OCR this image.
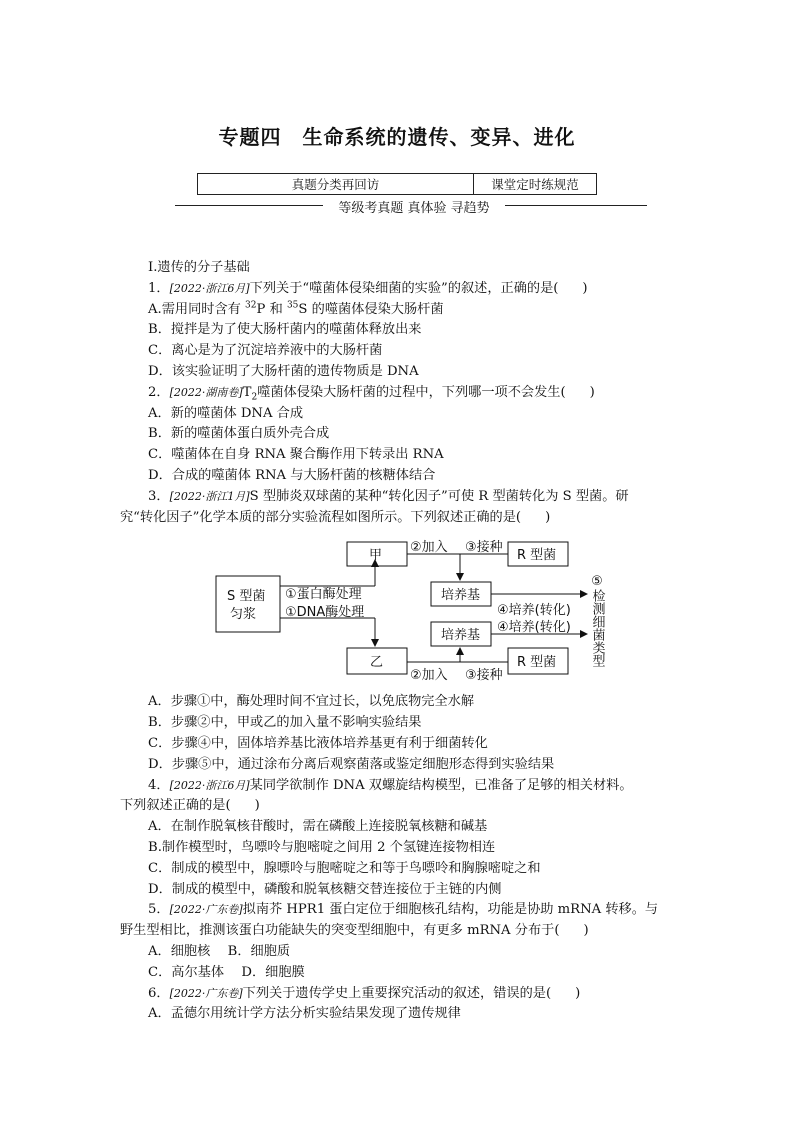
专题四　生命系统的遗传、变异、进化
真题分类再回访	课堂定时练规范
等级考真题 真体验 寻趋势
Ⅰ.遗传的分子基础
1．[2022·浙江6月]下列关于“噬菌体侵染细菌的实验”的叙述，正确的是( )
A.需用同时含有 $^{32}$P 和 $^{35}$S 的噬菌体侵染大肠杆菌
B．搅拌是为了使大肠杆菌内的噬菌体释放出来
C．离心是为了沉淀培养液中的大肠杆菌
D．该实验证明了大肠杆菌的遗传物质是 DNA
2．[2022·湖南卷]$T_2$噬菌体侵染大肠杆菌的过程中，下列哪一项不会发生( )
A．新的噬菌体 DNA 合成
B．新的噬菌体蛋白质外壳合成
C．噬菌体在自身 RNA 聚合酶作用下转录出 RNA
D．合成的噬菌体 RNA 与大肠杆菌的核糖体结合
3．[2022·浙江1月]S 型肺炎双球菌的某种“转化因子”可使 R 型菌转化为 S 型菌。研
究“转化因子”化学本质的部分实验流程如图所示。下列叙述正确的是( )
A．步骤①中，酶处理时间不宜过长，以免底物完全水解
B．步骤②中，甲或乙的加入量不影响实验结果
C．步骤④中，固体培养基比液体培养基更有利于细菌转化
D．步骤⑤中，通过涂布分离后观察菌落或鉴定细胞形态得到实验结果
4．[2022·浙江6月]某同学欲制作 DNA 双螺旋结构模型，已准备了足够的相关材料。
下列叙述正确的是( )
A．在制作脱氧核苷酸时，需在磷酸上连接脱氧核糖和碱基
B.制作模型时，鸟嘌呤与胞嘧啶之间用 2 个氢键连接物相连
C．制成的模型中，腺嘌呤与胞嘧啶之和等于鸟嘌呤和胸腺嘧啶之和
D．制成的模型中，磷酸和脱氧核糖交替连接位于主链的内侧
5．[2022·广东卷]拟南芥 HPR1 蛋白定位于细胞核孔结构，功能是协助 mRNA 转移。与
野生型相比，推测该蛋白功能缺失的突变型细胞中，有更多 mRNA 分布于( )
A．细胞核　 B．细胞质
C．高尔基体　 D．细胞膜
6．[2022·广东卷]下列关于遗传学史上重要探究活动的叙述，错误的是( )
A．孟德尔用统计学方法分析实验结果发现了遗传规律
S 型菌
匀浆
①蛋白酶处理
①DNA酶处理
甲
乙
R 型菌
R 型菌
培养基
培养基
②加入 ③接种
②加入 ③接种
④培养(转化)
④培养(转化) ⑤检测细菌类型
